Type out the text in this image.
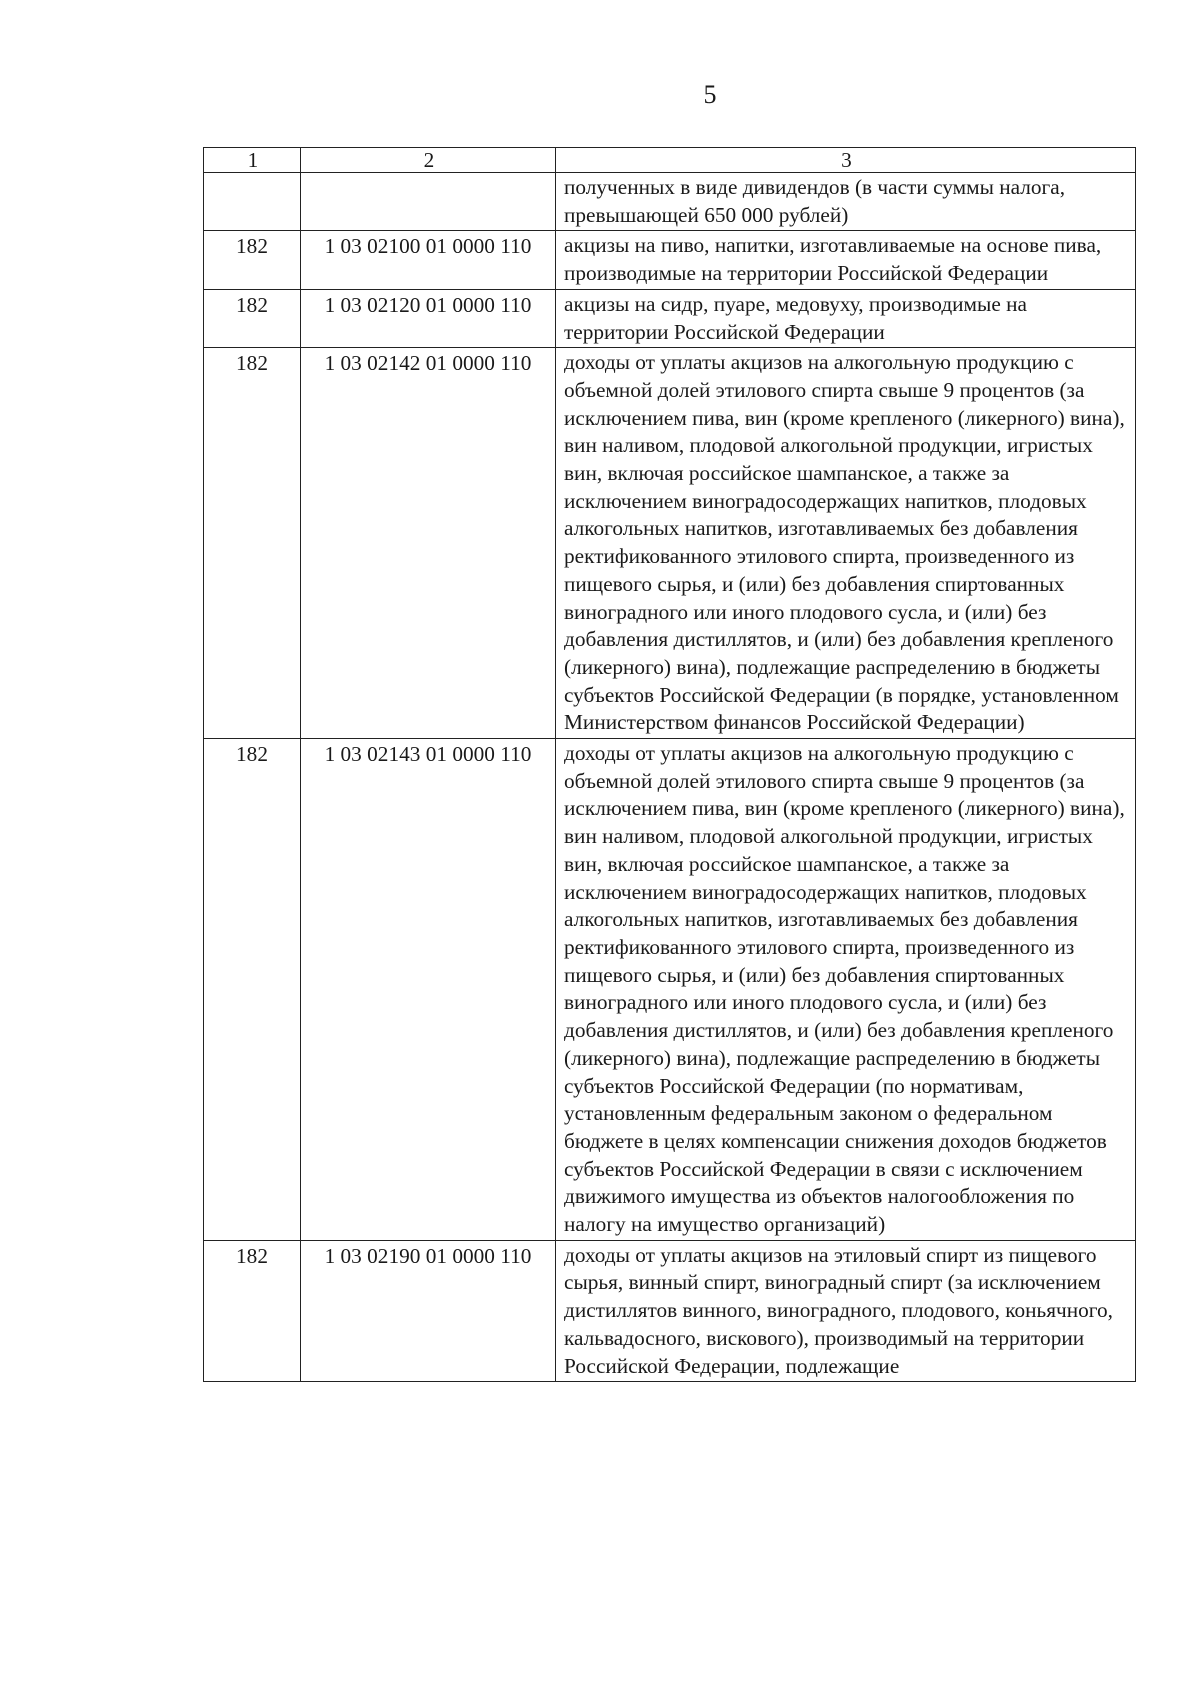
5
1	2	3
		полученных в виде дивидендов (в части суммы налога, превышающей 650 000 рублей)
182	1 03 02100 01 0000 110	акцизы на пиво, напитки, изготавливаемые на основе пива, производимые на территории Российской Федерации
182	1 03 02120 01 0000 110	акцизы на сидр, пуаре, медовуху, производимые на территории Российской Федерации
182	1 03 02142 01 0000 110	доходы от уплаты акцизов на алкогольную продукцию с объемной долей этилового спирта свыше 9 процентов (за исключением пива, вин (кроме крепленого (ликерного) вина), вин наливом, плодовой алкогольной продукции, игристых вин, включая российское шампанское, а также за исключением виноградосодержащих напитков, плодовых алкогольных напитков, изготавливаемых без добавления ректификованного этилового спирта, произведенного из пищевого сырья, и (или) без добавления спиртованных виноградного или иного плодового сусла, и (или) без добавления дистиллятов, и (или) без добавления крепленого (ликерного) вина), подлежащие распределению в бюджеты субъектов Российской Федерации (в порядке, установленном Министерством финансов Российской Федерации)
182	1 03 02143 01 0000 110	доходы от уплаты акцизов на алкогольную продукцию с объемной долей этилового спирта свыше 9 процентов (за исключением пива, вин (кроме крепленого (ликерного) вина), вин наливом, плодовой алкогольной продукции, игристых вин, включая российское шампанское, а также за исключением виноградосодержащих напитков, плодовых алкогольных напитков, изготавливаемых без добавления ректификованного этилового спирта, произведенного из пищевого сырья, и (или) без добавления спиртованных виноградного или иного плодового сусла, и (или) без добавления дистиллятов, и (или) без добавления крепленого (ликерного) вина), подлежащие распределению в бюджеты субъектов Российской Федерации (по нормативам, установленным федеральным законом о федеральном бюджете в целях компенсации снижения доходов бюджетов субъектов Российской Федерации в связи с исключением движимого имущества из объектов налогообложения по налогу на имущество организаций)
182	1 03 02190 01 0000 110	доходы от уплаты акцизов на этиловый спирт из пищевого сырья, винный спирт, виноградный спирт (за исключением дистиллятов винного, виноградного, плодового, коньячного, кальвадосного, вискового), производимый на территории Российской Федерации, подлежащие
